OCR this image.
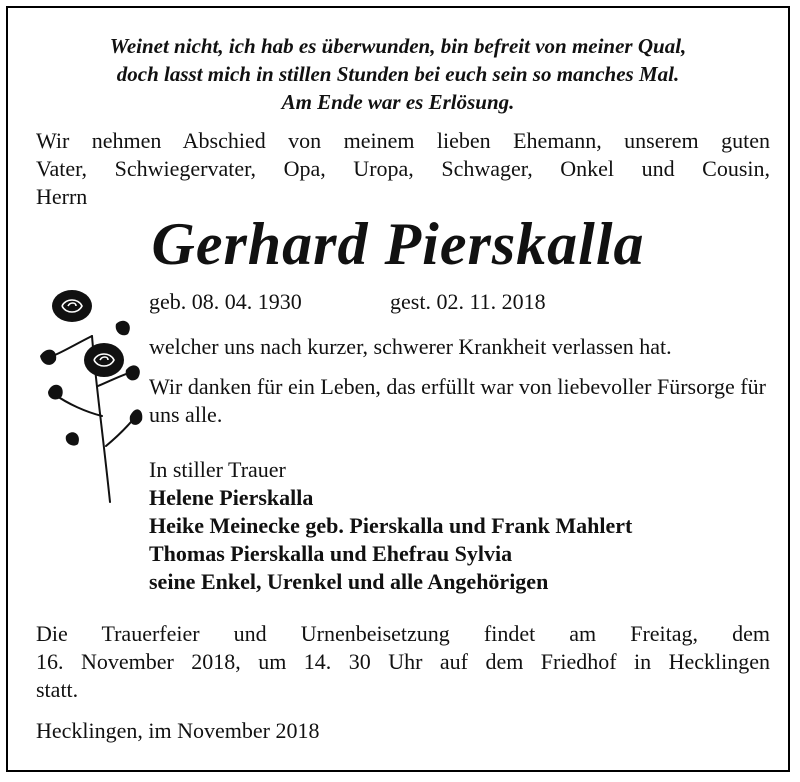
Weinet nicht, ich hab es überwunden, bin befreit von meiner Qual,
doch lasst mich in stillen Stunden bei euch sein so manches Mal.
Am Ende war es Erlösung.
Wir nehmen Abschied von meinem lieben Ehemann, unserem guten
Vater, Schwiegervater, Opa, Uropa, Schwager, Onkel und Cousin,
Herrn
Gerhard Pierskalla
geb. 08. 04. 1930	gest. 02. 11. 2018
welcher uns nach kurzer, schwerer Krankheit verlassen hat.
Wir danken für ein Leben, das erfüllt war von liebevoller Fürsorge für uns alle.
In stiller Trauer
Helene Pierskalla
Heike Meinecke geb. Pierskalla und Frank Mahlert
Thomas Pierskalla und Ehefrau Sylvia
seine Enkel, Urenkel und alle Angehörigen
Die Trauerfeier und Urnenbeisetzung findet am Freitag, dem
16. November 2018, um 14. 30 Uhr auf dem Friedhof in Hecklingen
statt.
Hecklingen, im November 2018
